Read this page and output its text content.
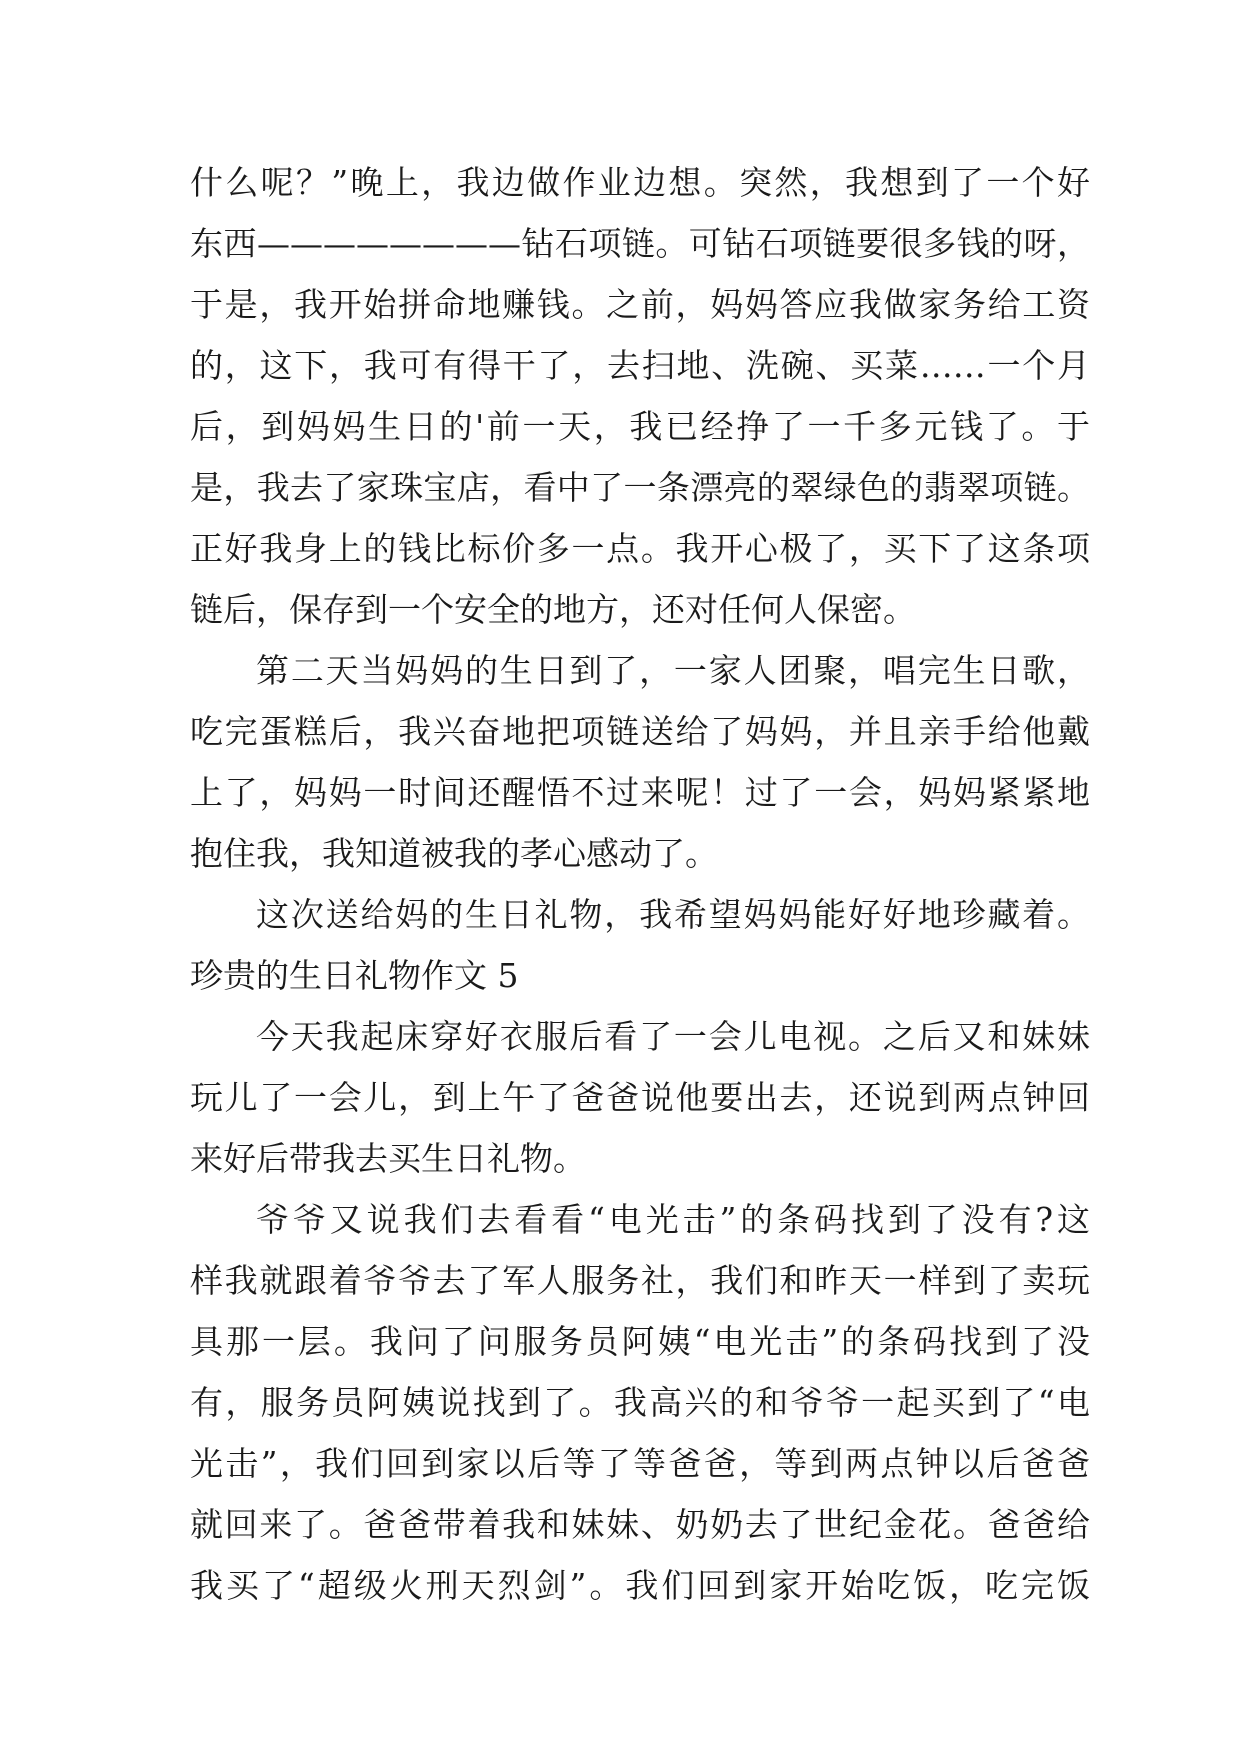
什么呢？”晚上，我边做作业边想。突然，我想到了一个好
东西————————钻石项链。可钻石项链要很多钱的呀，
于是，我开始拼命地赚钱。之前，妈妈答应我做家务给工资
的，这下，我可有得干了，去扫地、洗碗、买菜……一个月
后，到妈妈生日的'前一天，我已经挣了一千多元钱了。于
是，我去了家珠宝店，看中了一条漂亮的翠绿色的翡翠项链。
正好我身上的钱比标价多一点。我开心极了，买下了这条项
链后，保存到一个安全的地方，还对任何人保密。
第二天当妈妈的生日到了，一家人团聚，唱完生日歌，
吃完蛋糕后，我兴奋地把项链送给了妈妈，并且亲手给他戴
上了，妈妈一时间还醒悟不过来呢！过了一会，妈妈紧紧地
抱住我，我知道被我的孝心感动了。
这次送给妈的生日礼物，我希望妈妈能好好地珍藏着。
珍贵的生日礼物作文 5
今天我起床穿好衣服后看了一会儿电视。之后又和妹妹
玩儿了一会儿，到上午了爸爸说他要出去，还说到两点钟回
来好后带我去买生日礼物。
爷爷又说我们去看看“电光击”的条码找到了没有?这
样我就跟着爷爷去了军人服务社，我们和昨天一样到了卖玩
具那一层。我问了问服务员阿姨“电光击”的条码找到了没
有，服务员阿姨说找到了。我高兴的和爷爷一起买到了“电
光击”，我们回到家以后等了等爸爸，等到两点钟以后爸爸
就回来了。爸爸带着我和妹妹、奶奶去了世纪金花。爸爸给
我买了“超级火刑天烈剑”。我们回到家开始吃饭，吃完饭
